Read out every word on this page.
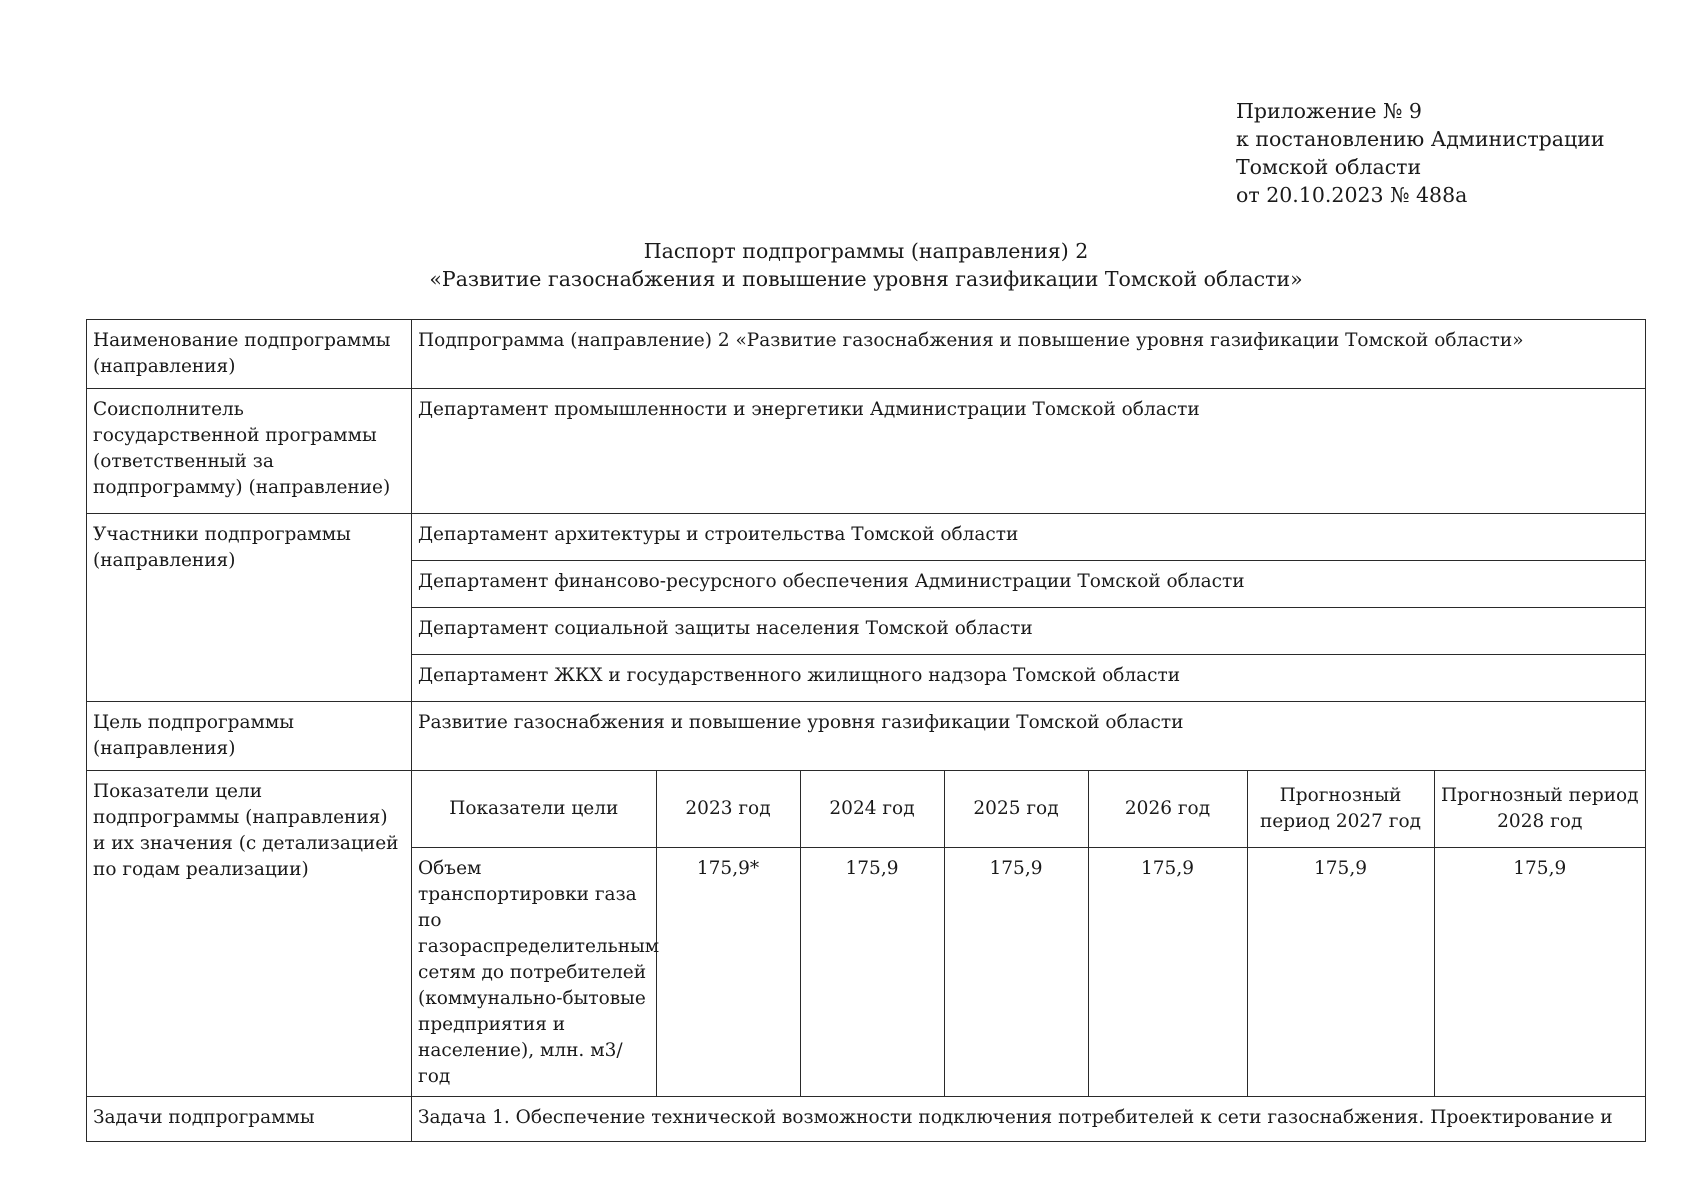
Приложение № 9
к постановлению Администрации
Томской области
от 20.10.2023 № 488а
Паспорт подпрограммы (направления) 2
«Развитие газоснабжения и повышение уровня газификации Томской области»
Наименование подпрограммы (направления)	Подпрограмма (направление) 2 «Развитие газоснабжения и повышение уровня газификации Томской области»
Соисполнитель государственной программы (ответственный за подпрограмму) (направление)	Департамент промышленности и энергетики Администрации Томской области
Участники подпрограммы (направления)	Департамент архитектуры и строительства Томской области
Департамент финансово-ресурсного обеспечения Администрации Томской области
Департамент социальной защиты населения Томской области
Департамент ЖКХ и государственного жилищного надзора Томской области
Цель подпрограммы (направления)	Развитие газоснабжения и повышение уровня газификации Томской области
Показатели цели подпрограммы (направления) и их значения (с детализацией по годам реализации)	
Показатели цели	2023 год	2024 год	2025 год	2026 год	Прогнозный период 2027 год	Прогнозный период 2028 год
Объем транспортировки газа по газораспределительным сетям до потребителей (коммунально-бытовые предприятия и население), млн. м3/год	175,9*	175,9	175,9	175,9	175,9	175,9

Задачи подпрограммы	Задача 1. Обеспечение технической возможности подключения потребителей к сети газоснабжения. Проектирование и
